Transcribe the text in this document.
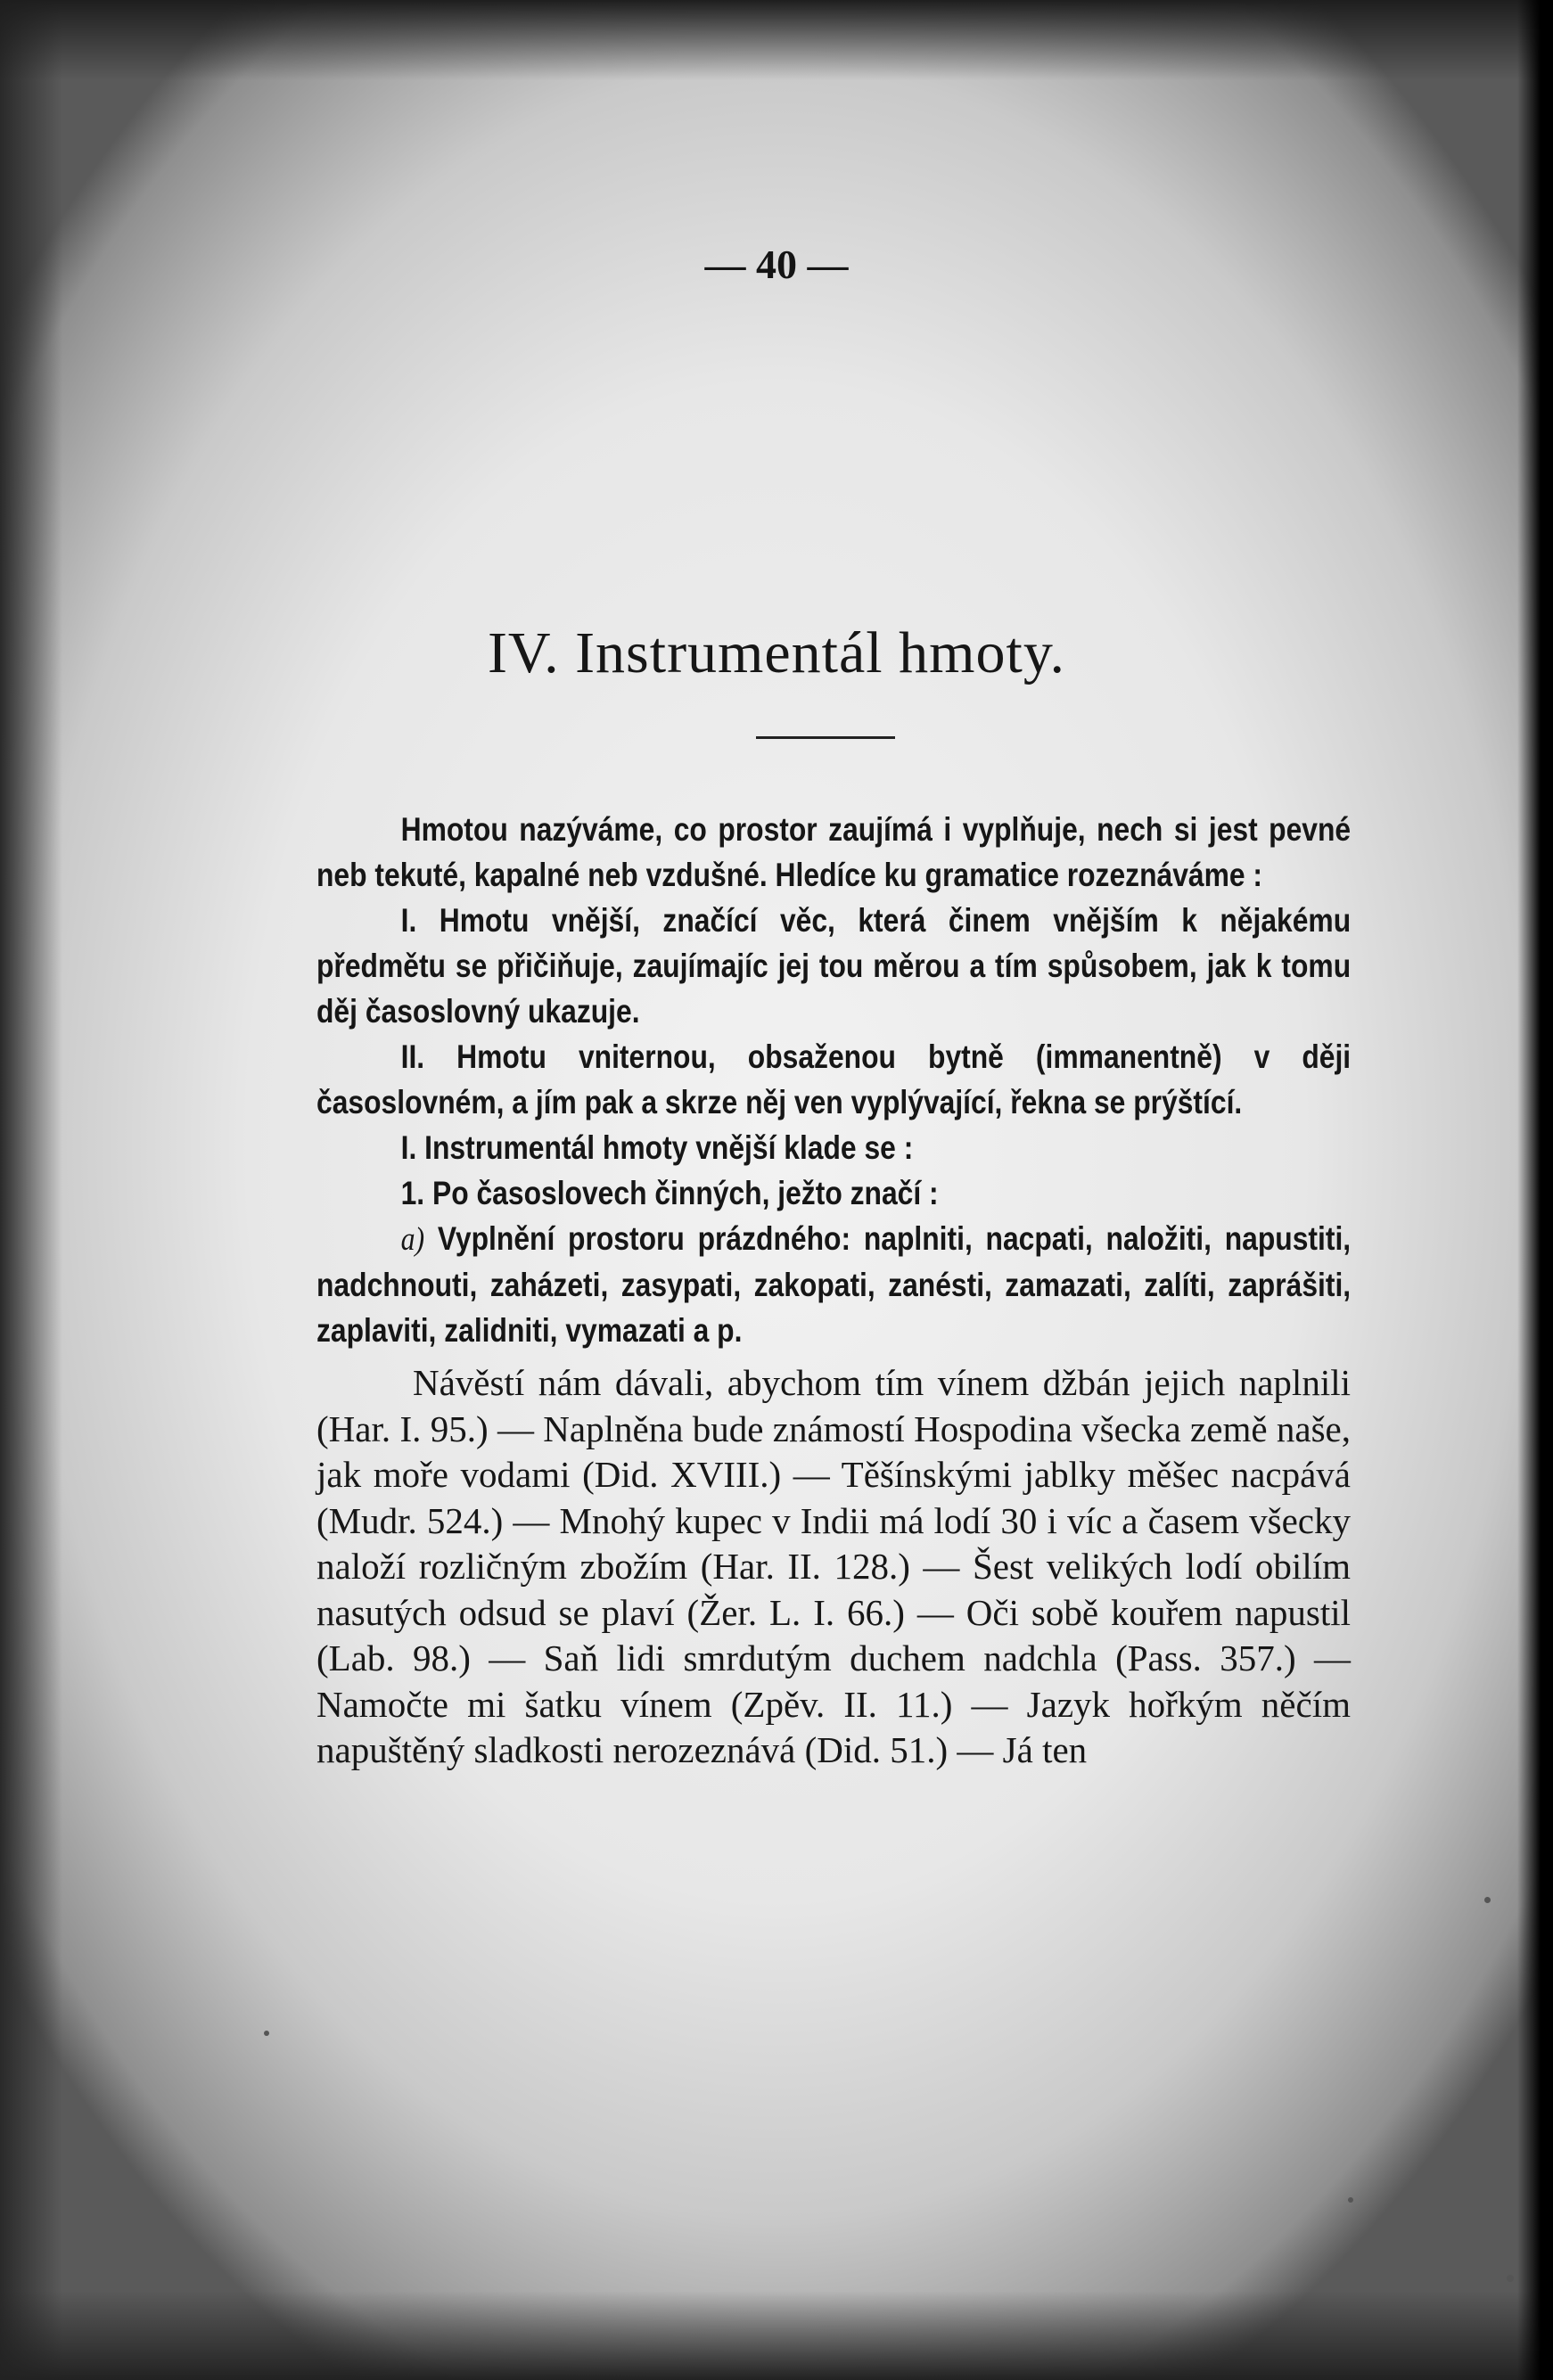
— 40 —
IV. Instrumentál hmoty.

Hmotou nazýváme, co prostor zaujímá i vyplňuje, nech si jest pevné neb tekuté, kapalné neb vzdušné. Hledíce ku gramatice rozeznáváme :

I. Hmotu vnější, značící věc, která činem vnějším k nějakému předmětu se přičiňuje, zaujímajíc jej tou měrou a tím spůsobem, jak k tomu děj časoslovný ukazuje.

II. Hmotu vniternou, obsaženou bytně (immanentně) v ději časoslovném, a jím pak a skrze něj ven vyplývající, řekna se prýštící.

I. Instrumentál hmoty vnější klade se :

1. Po časoslovech činných, ježto značí :

a) Vyplnění prostoru prázdného: naplniti, nacpati, naložiti, napustiti, nadchnouti, zaházeti, zasypati, zakopati, zanésti, zamazati, zalíti, zaprášiti, zaplaviti, zalidniti, vymazati a p.

Návěstí nám dávali, abychom tím vínem džbán jejich naplnili (Har. I. 95.) — Naplněna bude známostí Hospodina všecka země naše, jak moře vodami (Did. XVIII.) — Těšínskými jablky měšec nacpává (Mudr. 524.) — Mnohý kupec v Indii má lodí 30 i víc a časem všecky naloží rozličným zbožím (Har. II. 128.) — Šest velikých lodí obilím nasutých odsud se plaví (Žer. L. I. 66.) — Oči sobě kouřem napustil (Lab. 98.) — Saň lidi smrdutým duchem nadchla (Pass. 357.) — Namočte mi šatku vínem (Zpěv. II. 11.) — Jazyk hořkým něčím napuštěný sladkosti nerozeznává (Did. 51.) — Já ten
